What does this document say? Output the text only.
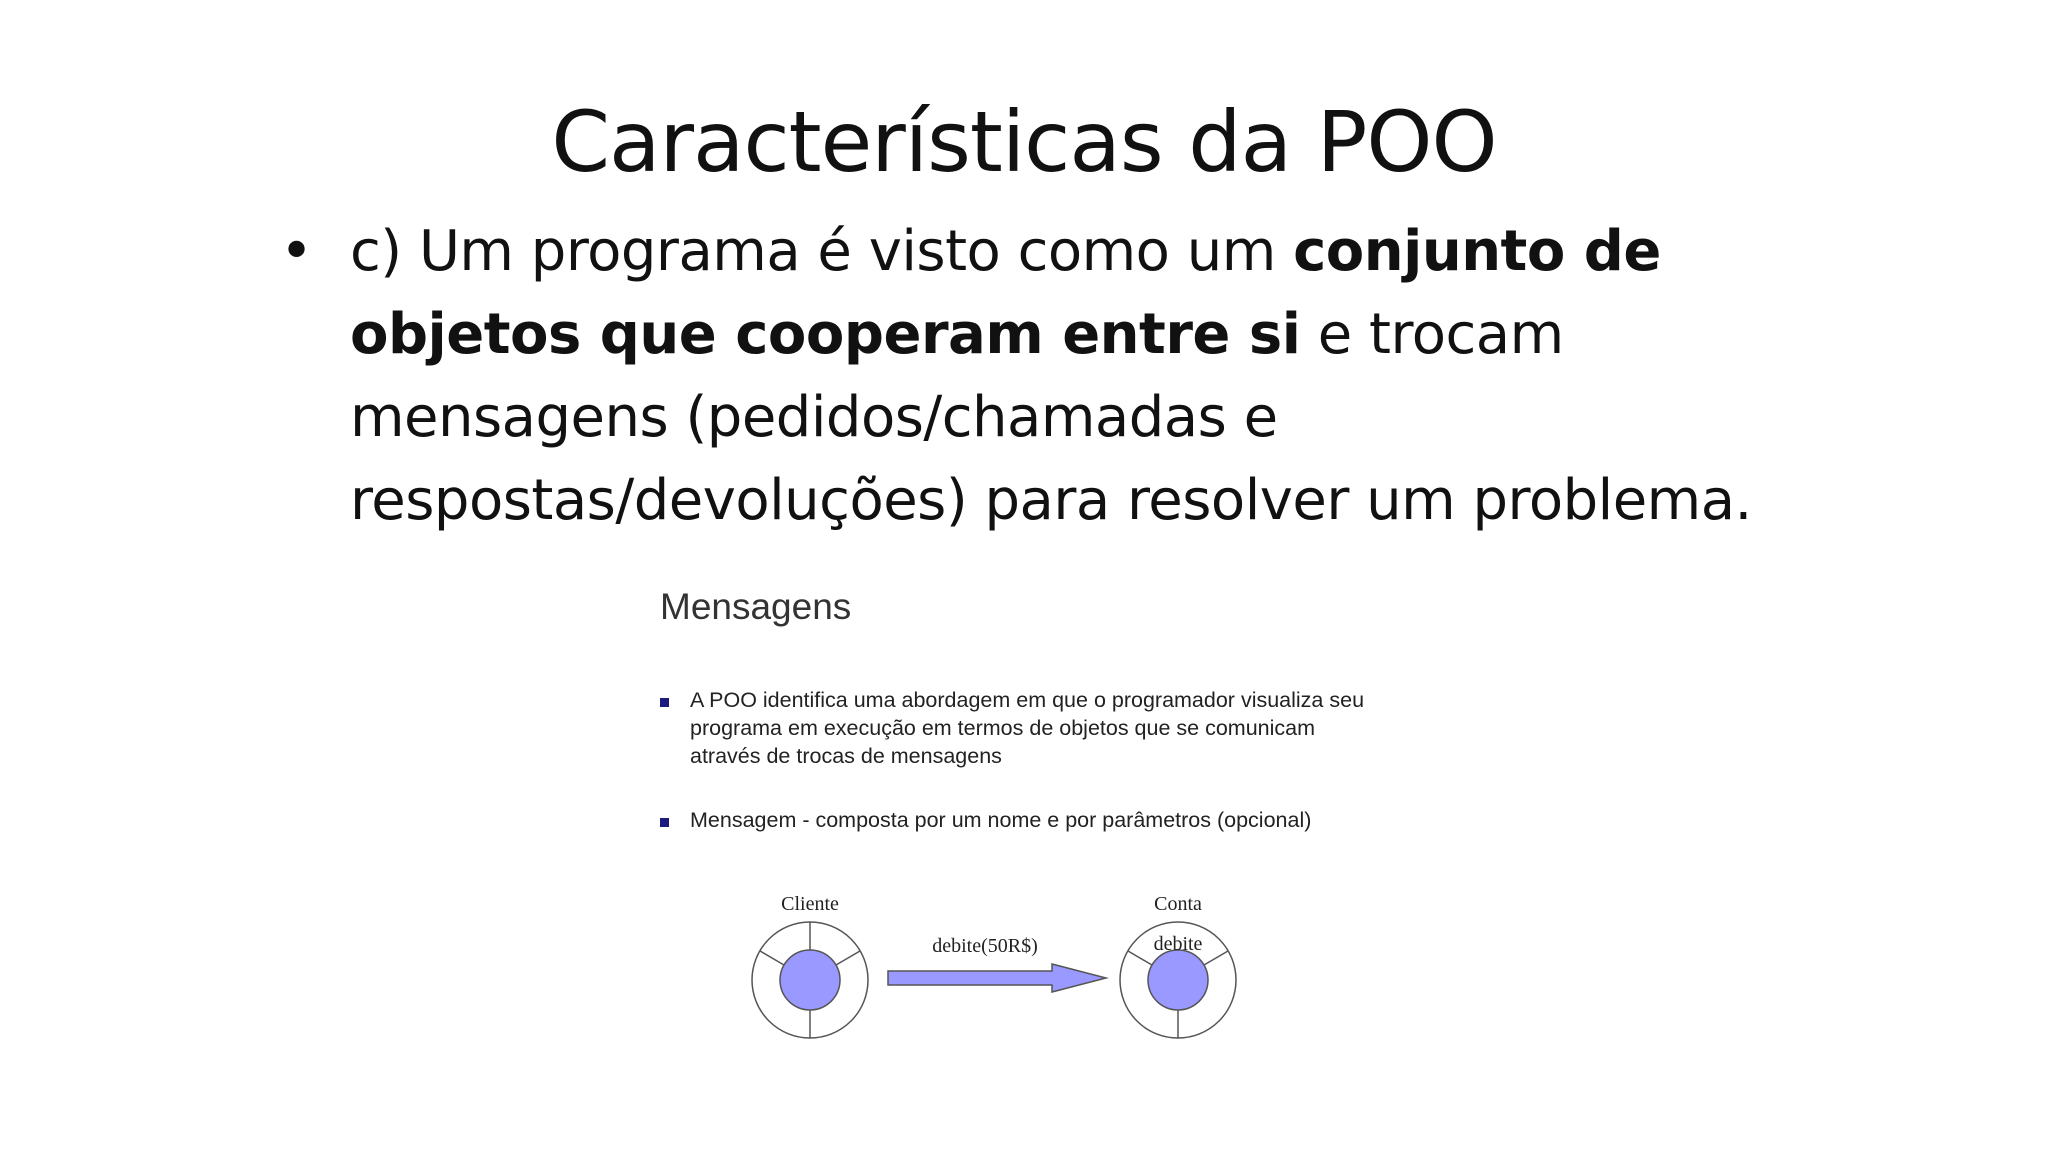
Características da POO
• c) Um programa é visto como um conjunto de objetos que cooperam entre si e trocam mensagens (pedidos/chamadas e respostas/devoluções) para resolver um problema.
Mensagens
A POO identifica uma abordagem em que o programador visualiza seu programa em execução em termos de objetos que se comunicam através de trocas de mensagens
Mensagem - composta por um nome e por parâmetros (opcional)
Cliente
debite(50R$)
Conta
debite
